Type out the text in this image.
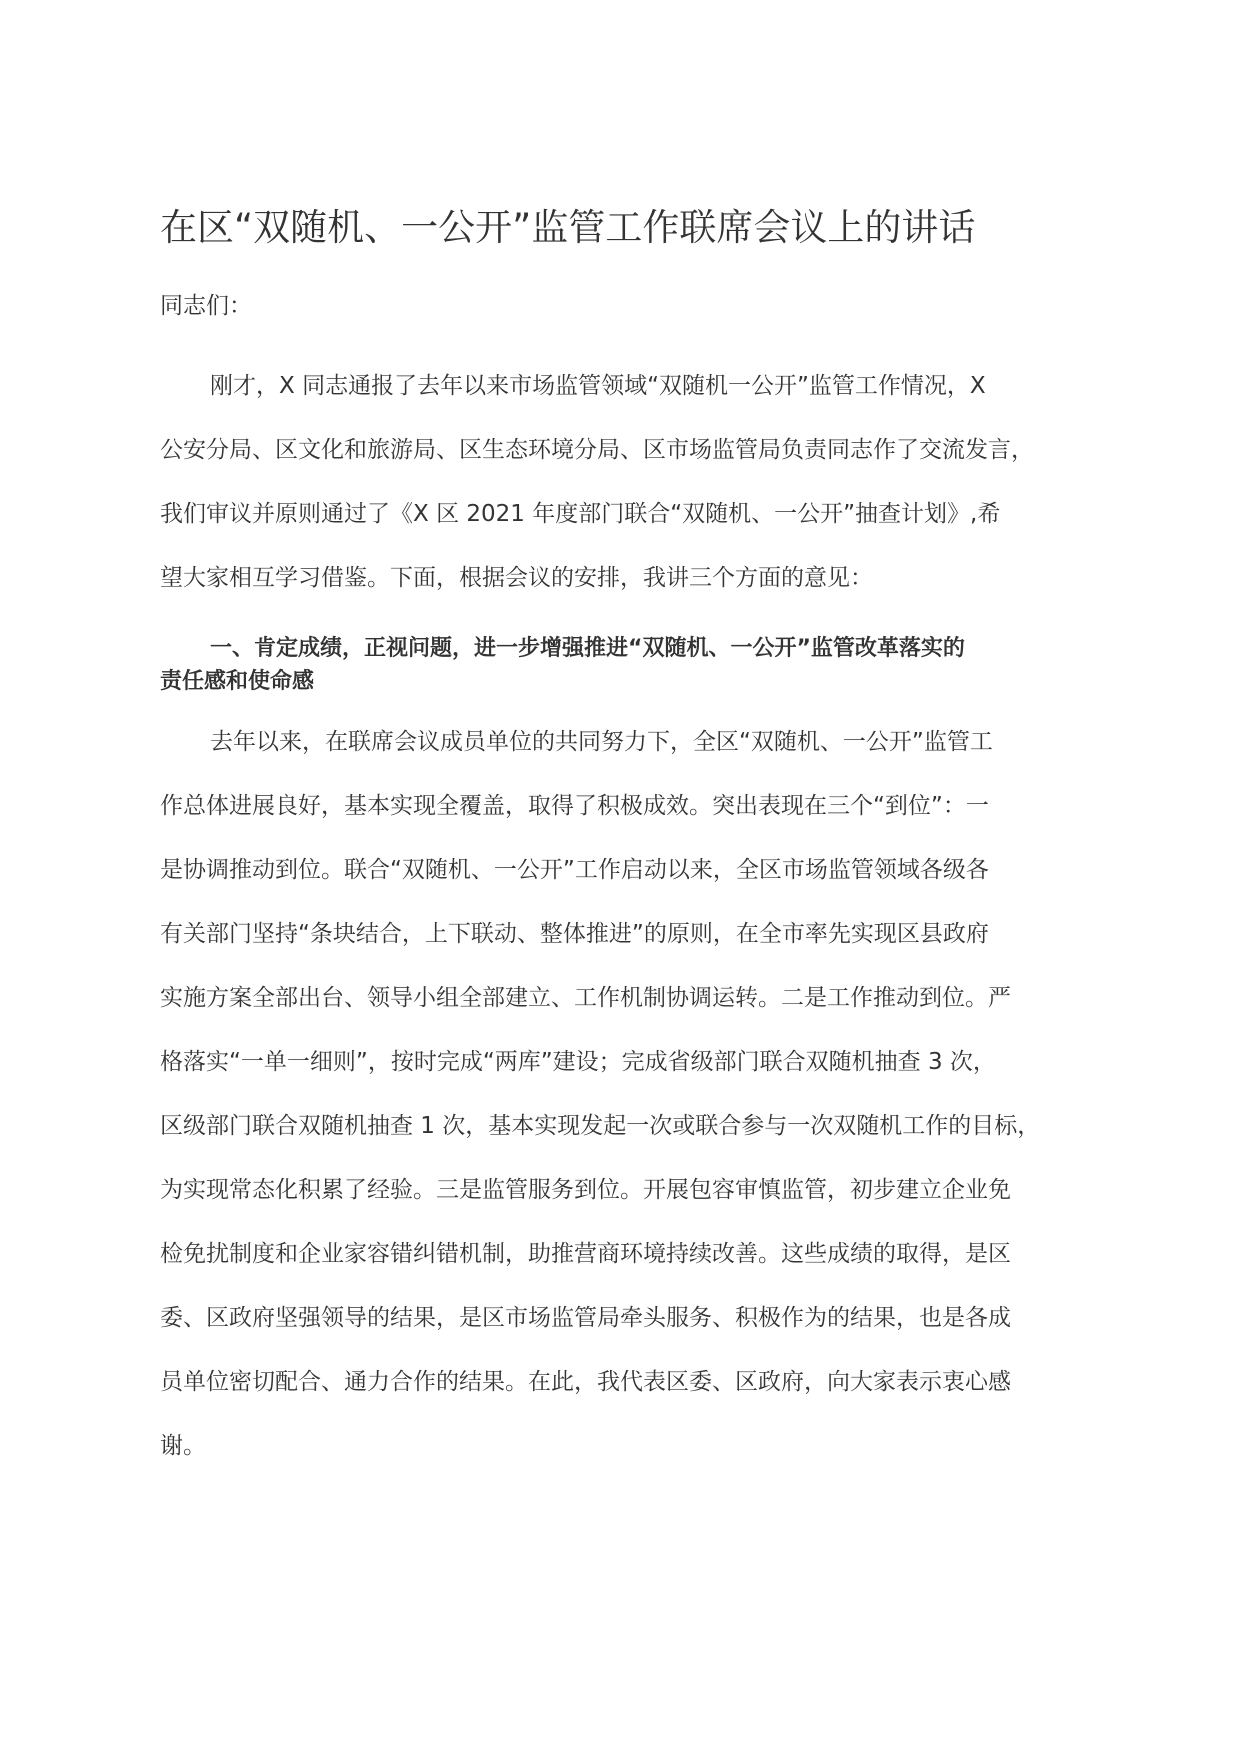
在区“双随机、一公开”监管工作联席会议上的讲话

同志们：

刚才，X 同志通报了去年以来市场监管领域“双随机一公开”监管工作情况，X
公安分局、区文化和旅游局、区生态环境分局、区市场监管局负责同志作了交流发言，
我们审议并原则通过了《X 区 2021 年度部门联合“双随机、一公开”抽查计划》,希
望大家相互学习借鉴。下面，根据会议的安排，我讲三个方面的意见：
一、肯定成绩，正视问题，进一步增强推进“双随机、一公开”监管改革落实的
责任感和使命感
去年以来，在联席会议成员单位的共同努力下，全区“双随机、一公开”监管工
作总体进展良好，基本实现全覆盖，取得了积极成效。突出表现在三个“到位”：一
是协调推动到位。联合“双随机、一公开”工作启动以来，全区市场监管领域各级各
有关部门坚持“条块结合，上下联动、整体推进”的原则，在全市率先实现区县政府
实施方案全部出台、领导小组全部建立、工作机制协调运转。二是工作推动到位。严
格落实“一单一细则”，按时完成“两库”建设；完成省级部门联合双随机抽查 3 次，
区级部门联合双随机抽查 1 次，基本实现发起一次或联合参与一次双随机工作的目标，
为实现常态化积累了经验。三是监管服务到位。开展包容审慎监管，初步建立企业免
检免扰制度和企业家容错纠错机制，助推营商环境持续改善。这些成绩的取得，是区
委、区政府坚强领导的结果，是区市场监管局牵头服务、积极作为的结果，也是各成
员单位密切配合、通力合作的结果。在此，我代表区委、区政府，向大家表示衷心感
谢。
